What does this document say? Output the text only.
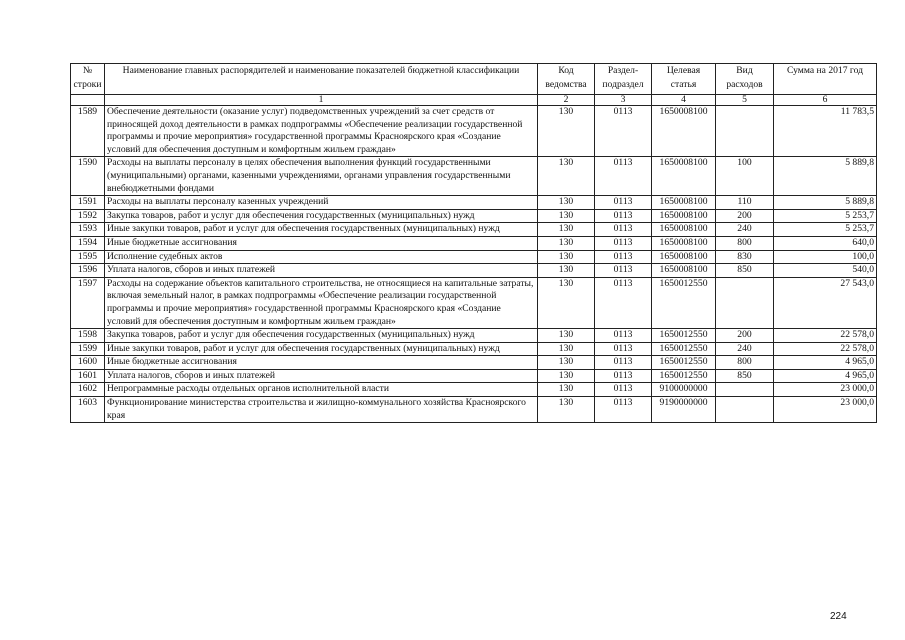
№ строки	Наименование главных распорядителей и наименование показателей бюджетной классификации	Код ведомства	Раздел-подраздел	Целевая статья	Вид расходов	Сумма на 2017 год
	1	2	3	4	5	6
1589	Обеспечение деятельности (оказание услуг) подведомственных учреждений за счет средств от приносящей доход деятельности в рамках подпрограммы «Обеспечение реализации государственной программы и прочие мероприятия» государственной программы Красноярского края «Создание условий для обеспечения доступным и комфортным жильем граждан»	130	0113	1650008100		11 783,5
1590	Расходы на выплаты персоналу в целях обеспечения выполнения функций государственными (муниципальными) органами, казенными учреждениями, органами управления государственными внебюджетными фондами	130	0113	1650008100	100	5 889,8
1591	Расходы на выплаты персоналу казенных учреждений	130	0113	1650008100	110	5 889,8
1592	Закупка товаров, работ и услуг для обеспечения государственных (муниципальных) нужд	130	0113	1650008100	200	5 253,7
1593	Иные закупки товаров, работ и услуг для обеспечения государственных (муниципальных) нужд	130	0113	1650008100	240	5 253,7
1594	Иные бюджетные ассигнования	130	0113	1650008100	800	640,0
1595	Исполнение судебных актов	130	0113	1650008100	830	100,0
1596	Уплата налогов, сборов и иных платежей	130	0113	1650008100	850	540,0
1597	Расходы на содержание объектов капитального строительства, не относящиеся на капитальные затраты, включая земельный налог, в рамках подпрограммы «Обеспечение реализации государственной программы и прочие мероприятия» государственной программы Красноярского края «Создание условий для обеспечения доступным и комфортным жильем граждан»	130	0113	1650012550		27 543,0
1598	Закупка товаров, работ и услуг для обеспечения государственных (муниципальных) нужд	130	0113	1650012550	200	22 578,0
1599	Иные закупки товаров, работ и услуг для обеспечения государственных (муниципальных) нужд	130	0113	1650012550	240	22 578,0
1600	Иные бюджетные ассигнования	130	0113	1650012550	800	4 965,0
1601	Уплата налогов, сборов и иных платежей	130	0113	1650012550	850	4 965,0
1602	Непрограммные расходы отдельных органов исполнительной власти	130	0113	9100000000		23 000,0
1603	Функционирование министерства строительства и жилищно-коммунального хозяйства Красноярского края	130	0113	9190000000		23 000,0
224
